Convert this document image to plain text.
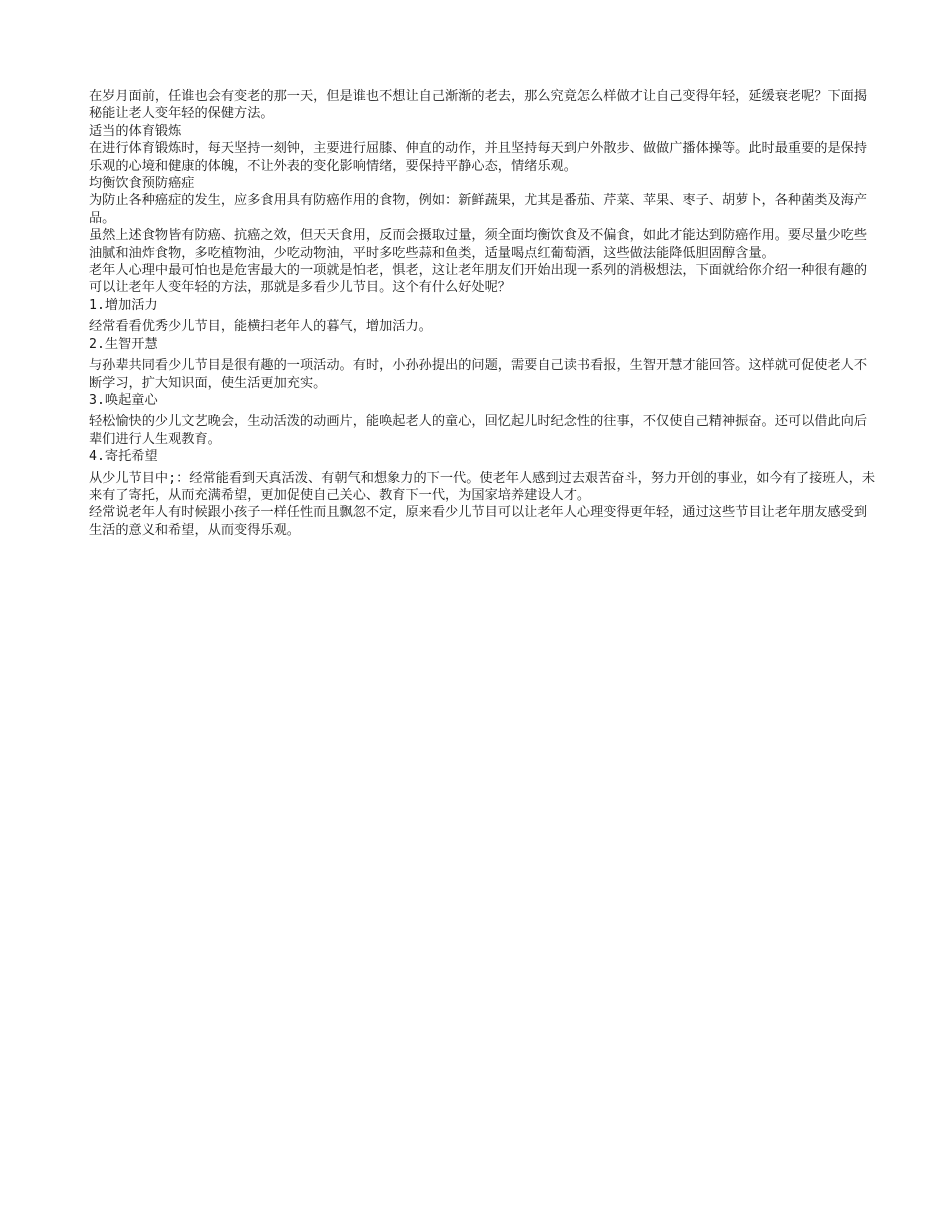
在岁月面前，任谁也会有变老的那一天，但是谁也不想让自己渐渐的老去，那么究竟怎么样做才让自己变得年轻，延缓衰老呢？下面揭秘能让老人变年轻的保健方法。

适当的体育锻炼

在进行体育锻炼时，每天坚持一刻钟，主要进行屈膝、伸直的动作，并且坚持每天到户外散步、做做广播体操等。此时最重要的是保持乐观的心境和健康的体魄，不让外表的变化影响情绪，要保持平静心态，情绪乐观。

均衡饮食预防癌症

为防止各种癌症的发生，应多食用具有防癌作用的食物，例如：新鲜蔬果，尤其是番茄、芹菜、苹果、枣子、胡萝卜，各种菌类及海产品。

虽然上述食物皆有防癌、抗癌之效，但天天食用，反而会摄取过量，须全面均衡饮食及不偏食，如此才能达到防癌作用。要尽量少吃些油腻和油炸食物，多吃植物油，少吃动物油，平时多吃些蒜和鱼类，适量喝点红葡萄酒，这些做法能降低胆固醇含量。

老年人心理中最可怕也是危害最大的一项就是怕老，惧老，这让老年朋友们开始出现一系列的消极想法，下面就给你介绍一种很有趣的可以让老年人变年轻的方法，那就是多看少儿节目。这个有什么好处呢？

1.增加活力

经常看看优秀少儿节目，能横扫老年人的暮气，增加活力。

2.生智开慧

与孙辈共同看少儿节目是很有趣的一项活动。有时，小孙孙提出的问题，需要自己读书看报，生智开慧才能回答。这样就可促使老人不断学习，扩大知识面，使生活更加充实。

3.唤起童心

轻松愉快的少儿文艺晚会，生动活泼的动画片，能唤起老人的童心，回忆起儿时纪念性的往事，不仅使自己精神振奋。还可以借此向后辈们进行人生观教育。

4.寄托希望

从少儿节目中;：经常能看到天真活泼、有朝气和想象力的下一代。使老年人感到过去艰苦奋斗，努力开创的事业，如今有了接班人，未来有了寄托，从而充满希望，更加促使自己关心、教育下一代，为国家培养建设人才。

经常说老年人有时候跟小孩子一样任性而且飘忽不定，原来看少儿节目可以让老年人心理变得更年轻，通过这些节目让老年朋友感受到生活的意义和希望，从而变得乐观。
